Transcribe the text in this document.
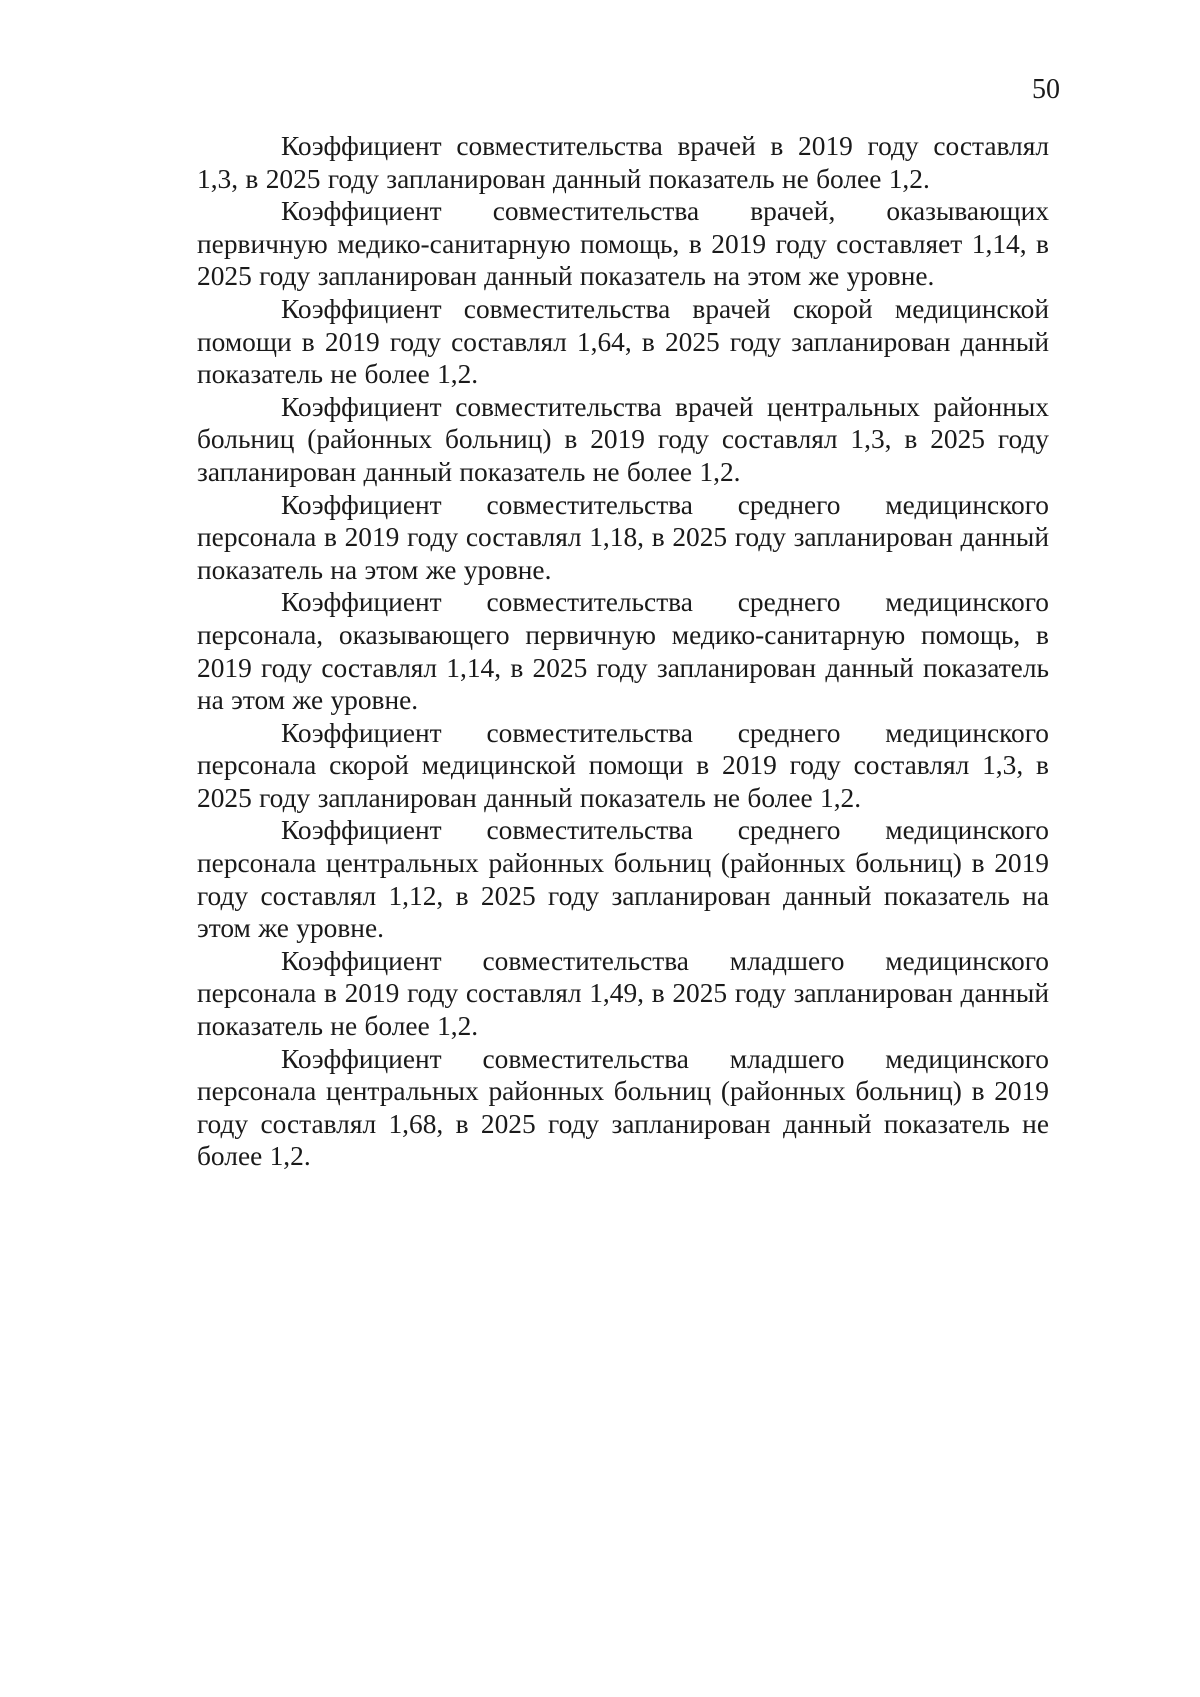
50

Коэффициент совместительства врачей в 2019 году составлял 1,3, в 2025 году запланирован данный показатель не более 1,2.

Коэффициент совместительства врачей, оказывающих первичную медико-санитарную помощь, в 2019 году составляет 1,14, в 2025 году запланирован данный показатель на этом же уровне.

Коэффициент совместительства врачей скорой медицинской помощи в 2019 году составлял 1,64, в 2025 году запланирован данный показатель не более 1,2.

Коэффициент совместительства врачей центральных районных больниц (районных больниц) в 2019 году составлял 1,3, в 2025 году запланирован данный показатель не более 1,2.

Коэффициент совместительства среднего медицинского персонала в 2019 году составлял 1,18, в 2025 году запланирован данный показатель на этом же уровне.

Коэффициент совместительства среднего медицинского персонала, оказывающего первичную медико-санитарную помощь, в 2019 году составлял 1,14, в 2025 году запланирован данный показатель на этом же уровне.

Коэффициент совместительства среднего медицинского персонала скорой медицинской помощи в 2019 году составлял 1,3, в 2025 году запланирован данный показатель не более 1,2.

Коэффициент совместительства среднего медицинского персонала центральных районных больниц (районных больниц) в 2019 году составлял 1,12, в 2025 году запланирован данный показатель на этом же уровне.

Коэффициент совместительства младшего медицинского персонала в 2019 году составлял 1,49, в 2025 году запланирован данный показатель не более 1,2.

Коэффициент совместительства младшего медицинского персонала центральных районных больниц (районных больниц) в 2019 году составлял 1,68, в 2025 году запланирован данный показатель не более 1,2.
